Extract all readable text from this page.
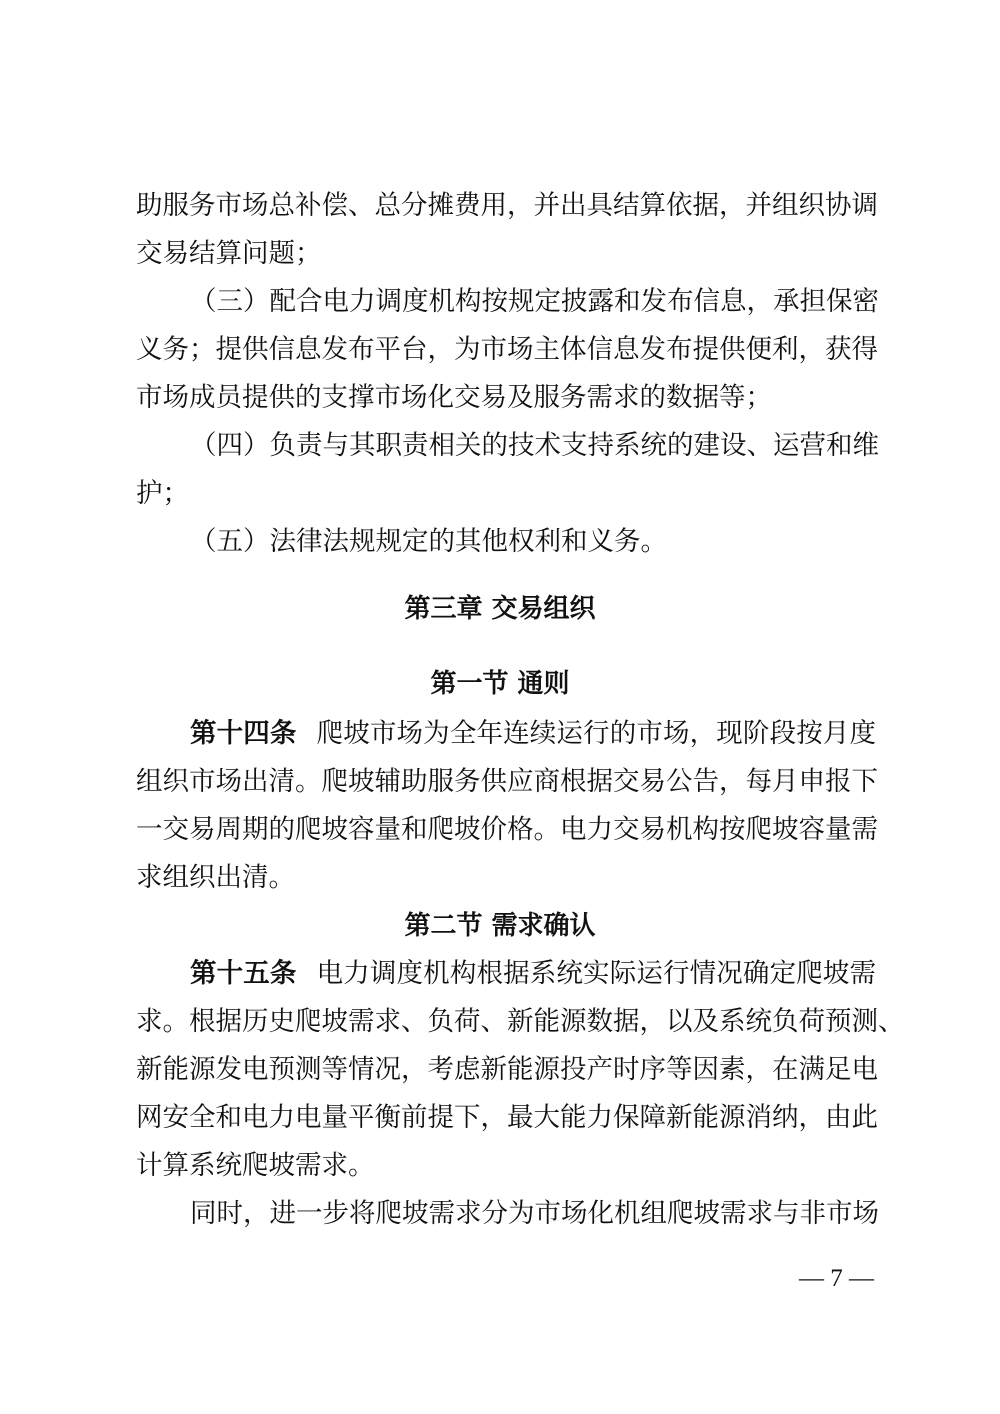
助服务市场总补偿、总分摊费用，并出具结算依据，并组织协调
交易结算问题；
（三）配合电力调度机构按规定披露和发布信息，承担保密
义务；提供信息发布平台，为市场主体信息发布提供便利，获得
市场成员提供的支撑市场化交易及服务需求的数据等；
（四）负责与其职责相关的技术支持系统的建设、运营和维
护；
（五）法律法规规定的其他权利和义务。
第三章 交易组织
第一节 通则
第十四条 爬坡市场为全年连续运行的市场，现阶段按月度
组织市场出清。爬坡辅助服务供应商根据交易公告，每月申报下
一交易周期的爬坡容量和爬坡价格。电力交易机构按爬坡容量需
求组织出清。
第二节 需求确认
第十五条 电力调度机构根据系统实际运行情况确定爬坡需
求。根据历史爬坡需求、负荷、新能源数据，以及系统负荷预测、
新能源发电预测等情况，考虑新能源投产时序等因素，在满足电
网安全和电力电量平衡前提下，最大能力保障新能源消纳，由此
计算系统爬坡需求。
同时，进一步将爬坡需求分为市场化机组爬坡需求与非市场
— 7 —
